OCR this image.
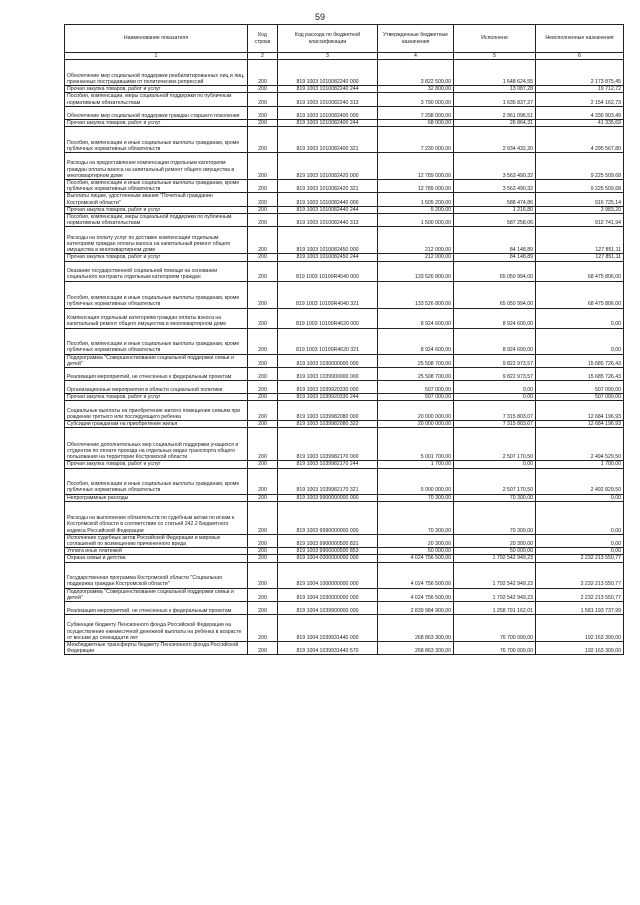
59
Наименование показателя	Код строки	Код расхода по бюджетной классификации	Утвержденные бюджетные назначения	Исполнено	Неисполненные назначения
1	2	3	4	5	6
Обеспечение мер социальной поддержки реабилитированных лиц и лиц, признанных пострадавшими от политических репрессий	200	819 1003 1010082240 000	3 822 500,00	1 648 624,55	2 173 875,45
Прочая закупка товаров, работ и услуг	200	819 1003 1010082240 244	32 800,00	13 087,28	19 712,72
Пособия, компенсации, меры социальной поддержки по публичным нормативным обязательствам	200	819 1003 1010082240 313	3 790 000,00	1 635 837,27	2 154 162,73
Обеспечение мер социальной поддержки граждан старшего поколения	200	819 1003 1010082400 000	7 298 000,00	2 961 096,51	4 336 903,49
Прочая закупка товаров, работ и услуг	200	819 1003 1010082400 244	68 000,00	26 864,31	41 335,69
Пособия, компенсации и иные социальные выплаты гражданам, кроме публичных нормативных обязательств	200	819 1003 1010082400 321	7 230 000,00	2 934 432,20	4 295 567,80
Расходы на предоставление компенсации отдельным категориям граждан оплаты взноса на капитальный ремонт общего имущества в многоквартирном доме	200	819 1003 1010082420 000	12 789 000,00	3 563 490,32	9 225 509,68
Пособия, компенсации и иные социальные выплаты гражданам, кроме публичных нормативных обязательств	200	819 1003 1010082420 321	12 789 000,00	3 563 490,32	9 225 509,68
Выплаты лицам, удостоенным звания "Почетный гражданин Костромской области"	200	819 1003 1010082440 000	1 505 200,00	588 474,86	916 725,14
Прочая закупка товаров, работ и услуг	200	819 1003 1010082440 244	5 200,00	1 216,80	3 983,20
Пособия, компенсации, меры социальной поддержки по публичным нормативным обязательствам	200	819 1003 1010082440 313	1 500 000,00	587 258,06	912 741,94
Расходы на оплату услуг по доставке компенсации отдельным категориям граждан оплаты взноса на капитальный ремонт общего имущества в многоквартирном доме	200	819 1003 1010082450 000	212 000,00	84 148,89	127 851,11
Прочая закупка товаров, работ и услуг	200	819 1003 1010082450 244	212 000,00	84 148,89	127 851,11
Оказание государственной социальной помощи на основании социального контракта отдельным категориям граждан	200	819 1003 10100R4040 000	133 526 800,00	65 050 994,00	68 475 806,00
Пособия, компенсации и иные социальные выплаты гражданам, кроме публичных нормативных обязательств	200	819 1003 10100R4040 321	133 526 800,00	65 050 994,00	68 475 806,00
Компенсация отдельным категориям граждан оплаты взноса на капитальный ремонт общего имущества в многоквартирном доме	200	819 1003 10100R4620 000	8 924 600,00	8 924 600,00	0,00
Пособия, компенсации и иные социальные выплаты гражданам, кроме публичных нормативных обязательств	200	819 1003 10100R4620 321	8 924 600,00	8 924 600,00	0,00
Подпрограмма "Совершенствование социальной поддержки семьи и детей"	200	819 1003 1030000000 000	25 508 700,00	9 822 973,57	15 685 726,43
Реализация мероприятий, не отнесенных к федеральным проектам	200	819 1003 1039900000 000	25 508 700,00	9 822 973,57	15 685 726,43
Организационные мероприятия в области социальной политики	200	819 1003 1039920330 000	507 000,00	0,00	507 000,00
Прочая закупка товаров, работ и услуг	200	819 1003 1039920330 244	507 000,00	0,00	507 000,00
Социальные выплаты на приобретение жилого помещения семьям при рождении третьего или последующего ребенка	200	819 1003 1039982080 000	20 000 000,00	7 315 803,07	12 684 196,93
Субсидии гражданам на приобретение жилья	200	819 1003 1039982080 322	20 000 000,00	7 315 803,07	12 684 196,93
Обеспечение дополнительных мер социальной поддержки учащихся и студентов по оплате проезда на отдельных видах транспорта общего пользования на территории Костромской области	200	819 1003 1039982170 000	5 001 700,00	2 507 170,50	2 494 529,50
Прочая закупка товаров, работ и услуг	200	819 1003 1039982170 244	1 700,00	0,00	1 700,00
Пособия, компенсации и иные социальные выплаты гражданам, кроме публичных нормативных обязательств	200	819 1003 1039982170 321	5 000 000,00	2 507 170,50	2 492 829,50
Непрограммные расходы	200	819 1003 9900000000 000	70 300,00	70 300,00	0,00
Расходы на выполнение обязательств по судебным актам по искам к Костромской области в соответствии со статьей 242.2 Бюджетного кодекса Российской Федерации	200	819 1003 9990000000 000	70 300,00	70 300,00	0,00
Исполнение судебных актов Российской Федерации и мировых соглашений по возмещению причиненного вреда	200	819 1003 9900000500 831	20 300,00	20 300,00	0,00
Уплата иных платежей	200	819 1003 9900000500 853	50 000,00	50 000,00	0,00
Охрана семьи и детства	200	819 1004 0000000000 000	4 024 756 500,00	1 792 542 949,23	2 232 213 550,77
Государственная программа Костромской области "Социальная поддержка граждан Костромской области"	200	819 1004 1000000000 000	4 024 756 500,00	1 792 542 949,23	2 232 213 550,77
Подпрограмма "Совершенствование социальной поддержки семьи и детей"	200	819 1004 1030000000 000	4 024 756 500,00	1 792 542 949,23	2 232 213 550,77
Реализация мероприятий, не отнесенных к федеральным проектам	200	819 1004 1039900000 000	2 839 984 900,00	1 258 791 162,01	1 581 193 737,99
Субвенции бюджету Пенсионного фонда Российской Федерации на осуществление ежемесячной денежной выплаты на ребенка в возрасте от восьми до семнадцати лет	200	819 1004 1039931440 000	268 863 300,00	76 700 000,00	192 163 300,00
Межбюджетные трансферты бюджету Пенсионного фонда Российской Федерации	200	819 1004 1039931440 570	268 863 300,00	76 700 000,00	192 163 300,00
